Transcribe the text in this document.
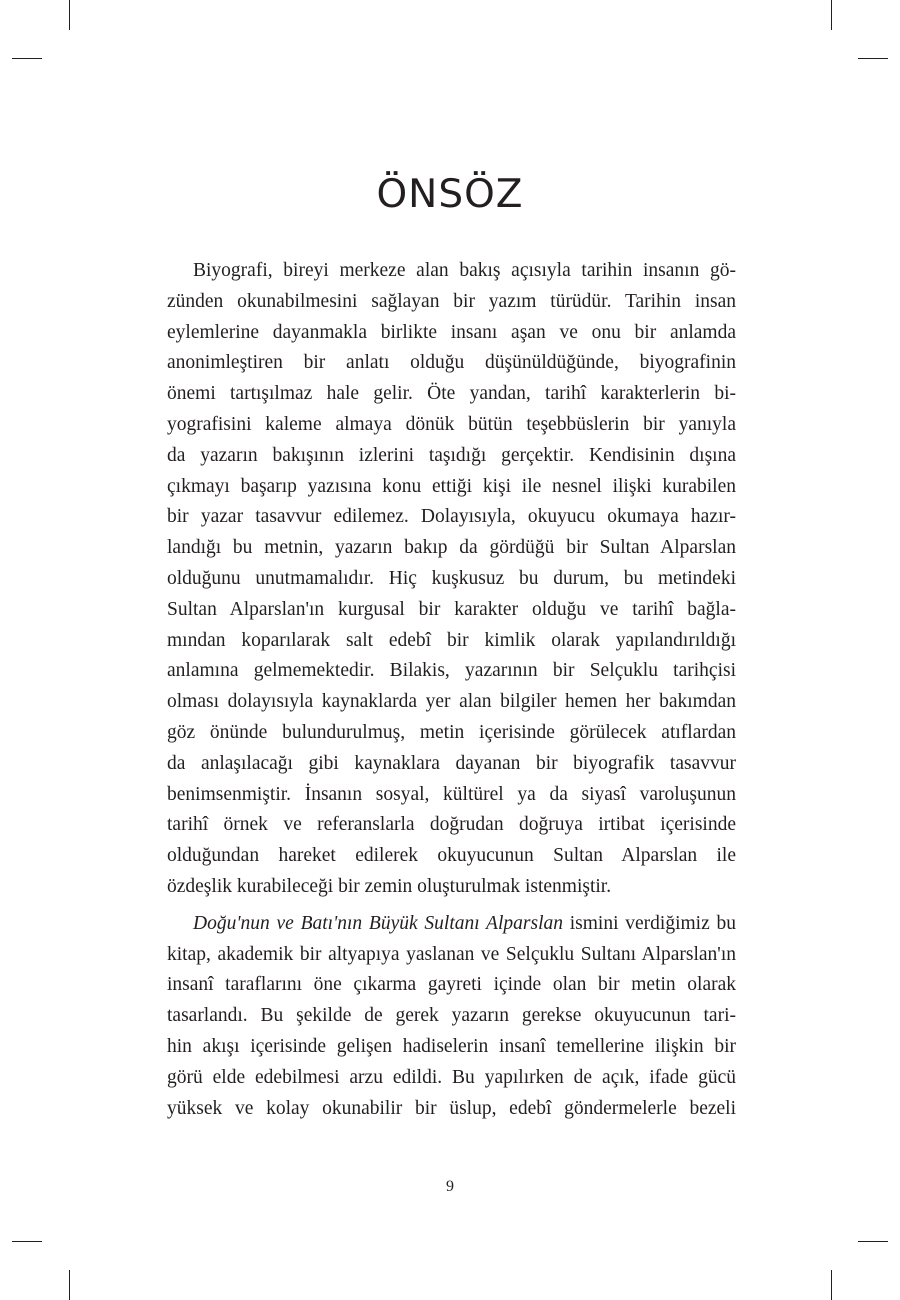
ÖNSÖZ
Biyografi, bireyi merkeze alan bakış açısıyla tarihin insanın gö-
zünden okunabilmesini sağlayan bir yazım türüdür. Tarihin insan
eylemlerine dayanmakla birlikte insanı aşan ve onu bir anlamda
anonimleştiren bir anlatı olduğu düşünüldüğünde, biyografinin
önemi tartışılmaz hale gelir. Öte yandan, tarihî karakterlerin bi-
yografisini kaleme almaya dönük bütün teşebbüslerin bir yanıyla
da yazarın bakışının izlerini taşıdığı gerçektir. Kendisinin dışına
çıkmayı başarıp yazısına konu ettiği kişi ile nesnel ilişki kurabilen
bir yazar tasavvur edilemez. Dolayısıyla, okuyucu okumaya hazır-
landığı bu metnin, yazarın bakıp da gördüğü bir Sultan Alparslan
olduğunu unutmamalıdır. Hiç kuşkusuz bu durum, bu metindeki
Sultan Alparslan'ın kurgusal bir karakter olduğu ve tarihî bağla-
mından koparılarak salt edebî bir kimlik olarak yapılandırıldığı
anlamına gelmemektedir. Bilakis, yazarının bir Selçuklu tarihçisi
olması dolayısıyla kaynaklarda yer alan bilgiler hemen her bakımdan
göz önünde bulundurulmuş, metin içerisinde görülecek atıflardan
da anlaşılacağı gibi kaynaklara dayanan bir biyografik tasavvur
benimsenmiştir. İnsanın sosyal, kültürel ya da siyasî varoluşunun
tarihî örnek ve referanslarla doğrudan doğruya irtibat içerisinde
olduğundan hareket edilerek okuyucunun Sultan Alparslan ile
özdeşlik kurabileceği bir zemin oluşturulmak istenmiştir.
Doğu'nun ve Batı'nın Büyük Sultanı Alparslan ismini verdiğimiz bu
kitap, akademik bir altyapıya yaslanan ve Selçuklu Sultanı Alparslan'ın
insanî taraflarını öne çıkarma gayreti içinde olan bir metin olarak
tasarlandı. Bu şekilde de gerek yazarın gerekse okuyucunun tari-
hin akışı içerisinde gelişen hadiselerin insanî temellerine ilişkin bir
görü elde edebilmesi arzu edildi. Bu yapılırken de açık, ifade gücü
yüksek ve kolay okunabilir bir üslup, edebî göndermelerle bezeli
9
